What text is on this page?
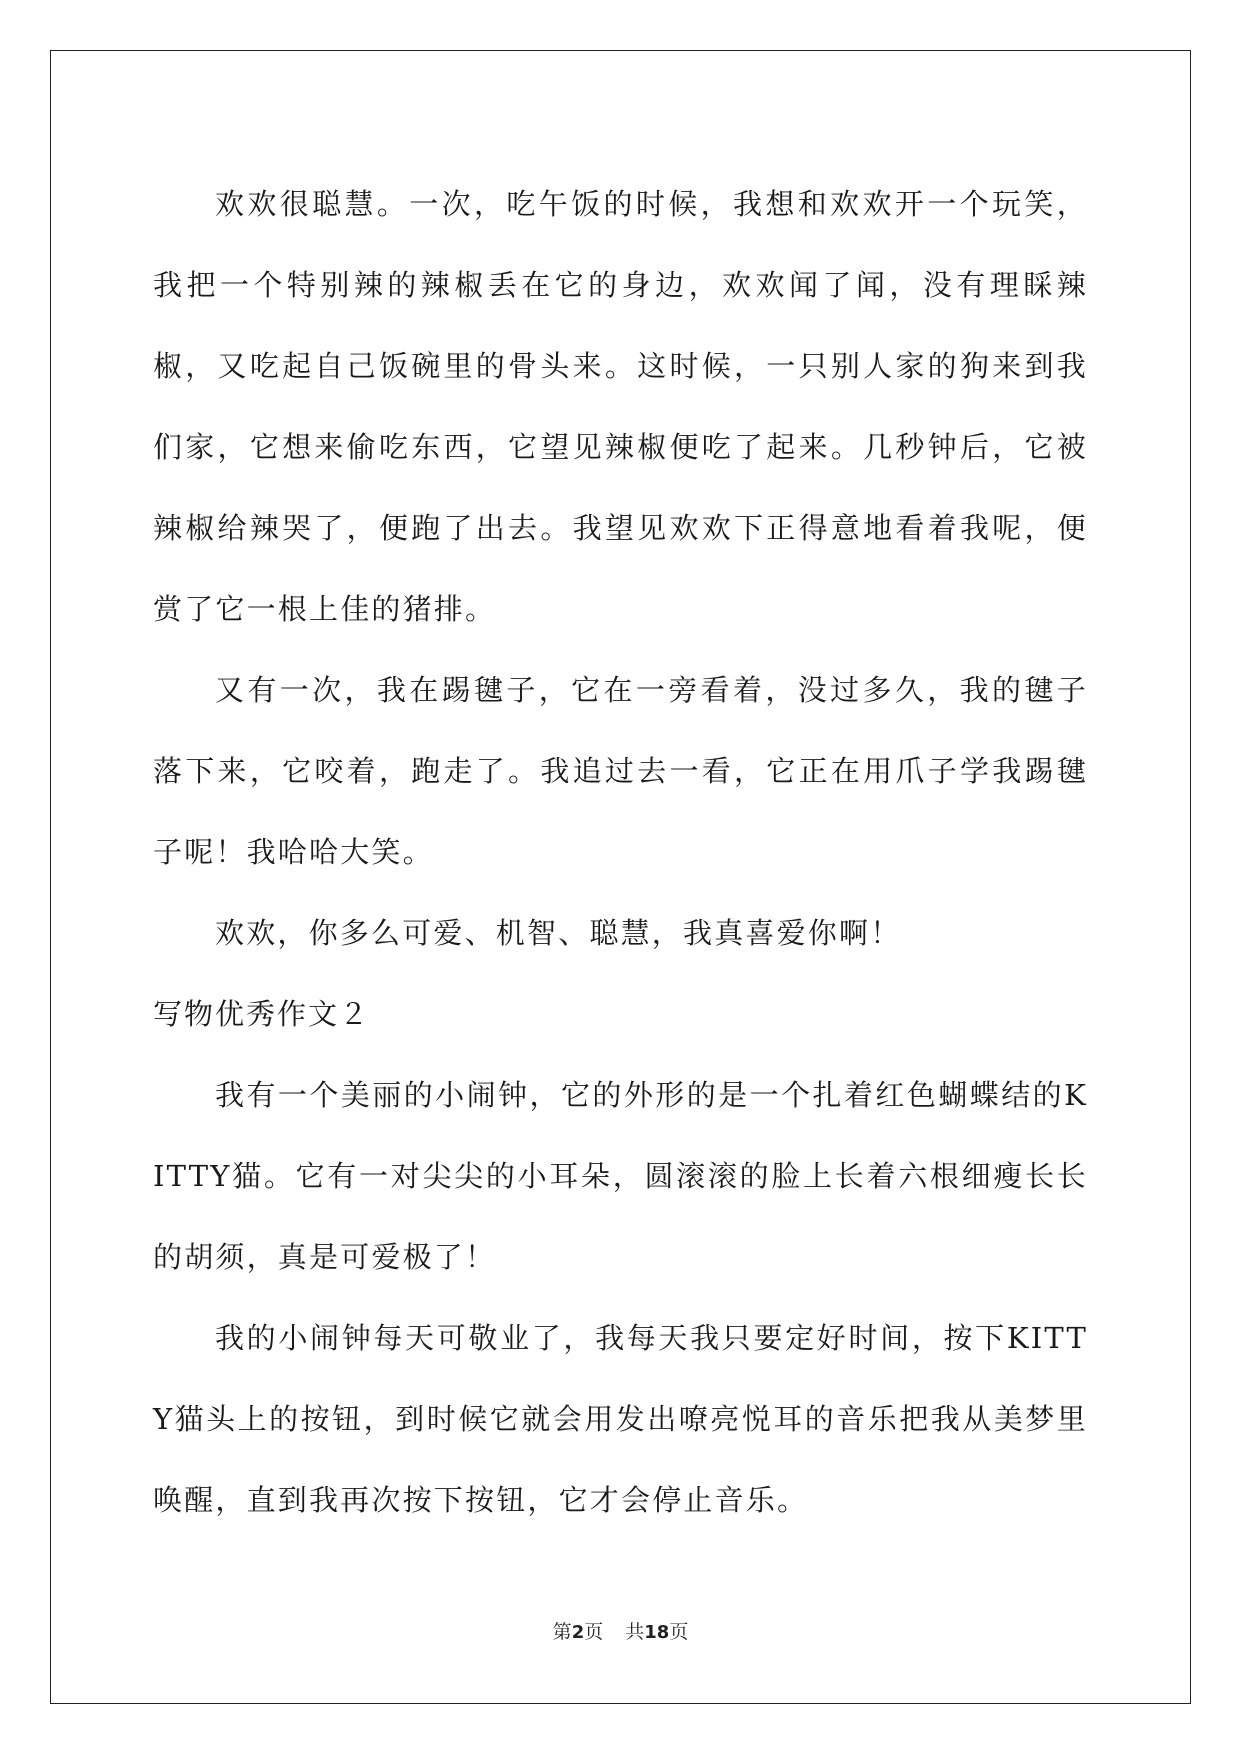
欢欢很聪慧。一次，吃午饭的时候，我想和欢欢开一个玩笑，我把一个特别辣的辣椒丢在它的身边，欢欢闻了闻，没有理睬辣椒，又吃起自己饭碗里的骨头来。这时候，一只别人家的狗来到我们家，它想来偷吃东西，它望见辣椒便吃了起来。几秒钟后，它被辣椒给辣哭了，便跑了出去。我望见欢欢下正得意地看着我呢，便赏了它一根上佳的猪排。

又有一次，我在踢毽子，它在一旁看着，没过多久，我的毽子落下来，它咬着，跑走了。我追过去一看，它正在用爪子学我踢毽子呢！我哈哈大笑。

欢欢，你多么可爱、机智、聪慧，我真喜爱你啊！

写物优秀作文２

我有一个美丽的小闹钟，它的外形的是一个扎着红色蝴蝶结的KITTY猫。它有一对尖尖的小耳朵，圆滚滚的脸上长着六根细瘦长长的胡须，真是可爱极了！

我的小闹钟每天可敬业了，我每天我只要定好时间，按下KITTY猫头上的按钮，到时候它就会用发出嘹亮悦耳的音乐把我从美梦里唤醒，直到我再次按下按钮，它才会停止音乐。

第2页 共18页
